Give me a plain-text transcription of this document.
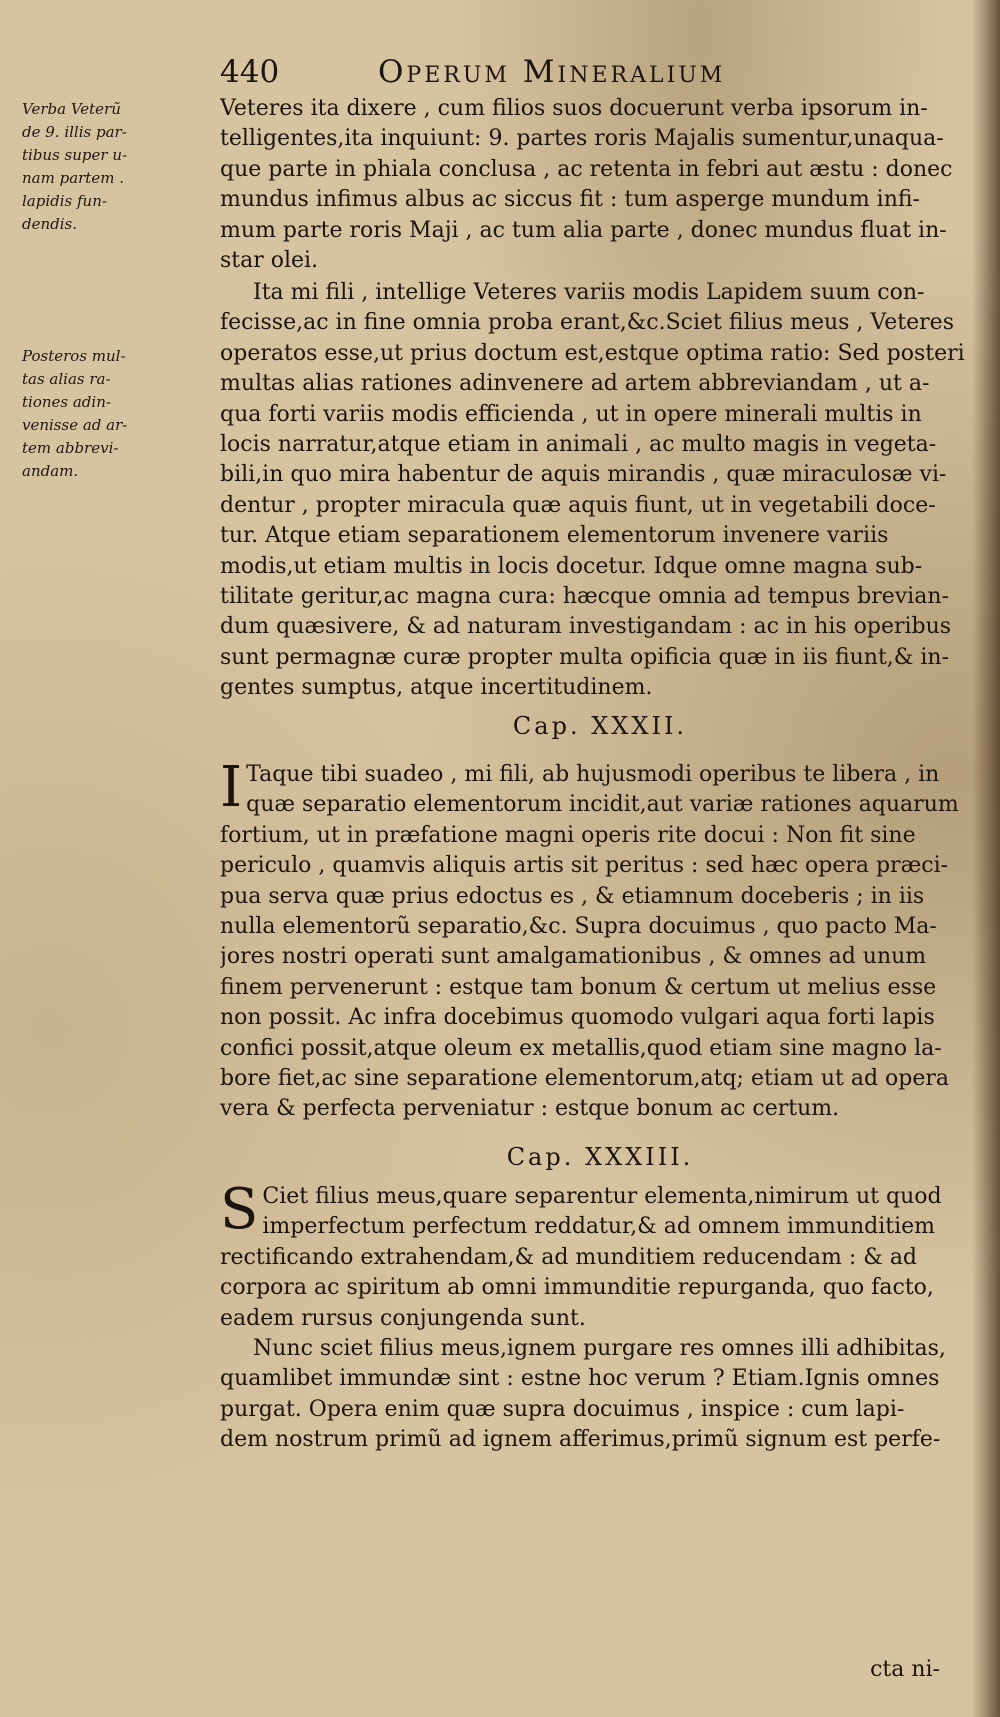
440	Operum Mineralium
Verba Veterũ
de 9. illis par-
tibus super u-
nam partem .
lapidis fun-
dendis.
Posteros mul-
tas alias ra-
tiones adin-
venisse ad ar-
tem abbrevi-
andam.
Veteres ita dixere , cum filios suos docuerunt verba ipsorum in-
telligentes,ita inquiunt: 9. partes roris Majalis sumentur,unaqua-
que parte in phiala conclusa , ac retenta in febri aut æstu : donec
mundus infimus albus ac siccus fit : tum asperge mundum infi-
mum parte roris Maji , ac tum alia parte , donec mundus fluat in-
star olei.
Ita mi fili , intellige Veteres variis modis Lapidem suum con-
fecisse,ac in fine omnia proba erant,&c.Sciet filius meus , Veteres
operatos esse,ut prius doctum est,estque optima ratio: Sed posteri
multas alias rationes adinvenere ad artem abbreviandam , ut a-
qua forti variis modis efficienda , ut in opere minerali multis in
locis narratur,atque etiam in animali , ac multo magis in vegeta-
bili,in quo mira habentur de aquis mirandis , quæ miraculosæ vi-
dentur , propter miracula quæ aquis fiunt, ut in vegetabili doce-
tur. Atque etiam separationem elementorum invenere variis
modis,ut etiam multis in locis docetur. Idque omne magna sub-
tilitate geritur,ac magna cura: hæcque omnia ad tempus brevian-
dum quæsivere, & ad naturam investigandam : ac in his operibus
sunt permagnæ curæ propter multa opificia quæ in iis fiunt,& in-
gentes sumptus, atque incertitudinem.
Cap. XXXII.
I Taque tibi suadeo , mi fili, ab hujusmodi operibus te libera , in
quæ separatio elementorum incidit,aut variæ rationes aquarum
fortium, ut in præfatione magni operis rite docui : Non fit sine
periculo , quamvis aliquis artis sit peritus : sed hæc opera præci-
pua serva quæ prius edoctus es , & etiamnum doceberis ; in iis
nulla elementorũ separatio,&c. Supra docuimus , quo pacto Ma-
jores nostri operati sunt amalgamationibus , & omnes ad unum
finem pervenerunt : estque tam bonum & certum ut melius esse
non possit. Ac infra docebimus quomodo vulgari aqua forti lapis
confici possit,atque oleum ex metallis,quod etiam sine magno la-
bore fiet,ac sine separatione elementorum,atq; etiam ut ad opera
vera & perfecta perveniatur : estque bonum ac certum.
Cap. XXXIII.
S Ciet filius meus,quare separentur elementa,nimirum ut quod
imperfectum perfectum reddatur,& ad omnem immunditiem
rectificando extrahendam,& ad munditiem reducendam : & ad
corpora ac spiritum ab omni immunditie repurganda, quo facto,
eadem rursus conjungenda sunt.
Nunc sciet filius meus,ignem purgare res omnes illi adhibitas,
quamlibet immundæ sint : estne hoc verum ? Etiam.Ignis omnes
purgat. Opera enim quæ supra docuimus , inspice : cum lapi-
dem nostrum primũ ad ignem afferimus,primũ signum est perfe-
cta ni-
